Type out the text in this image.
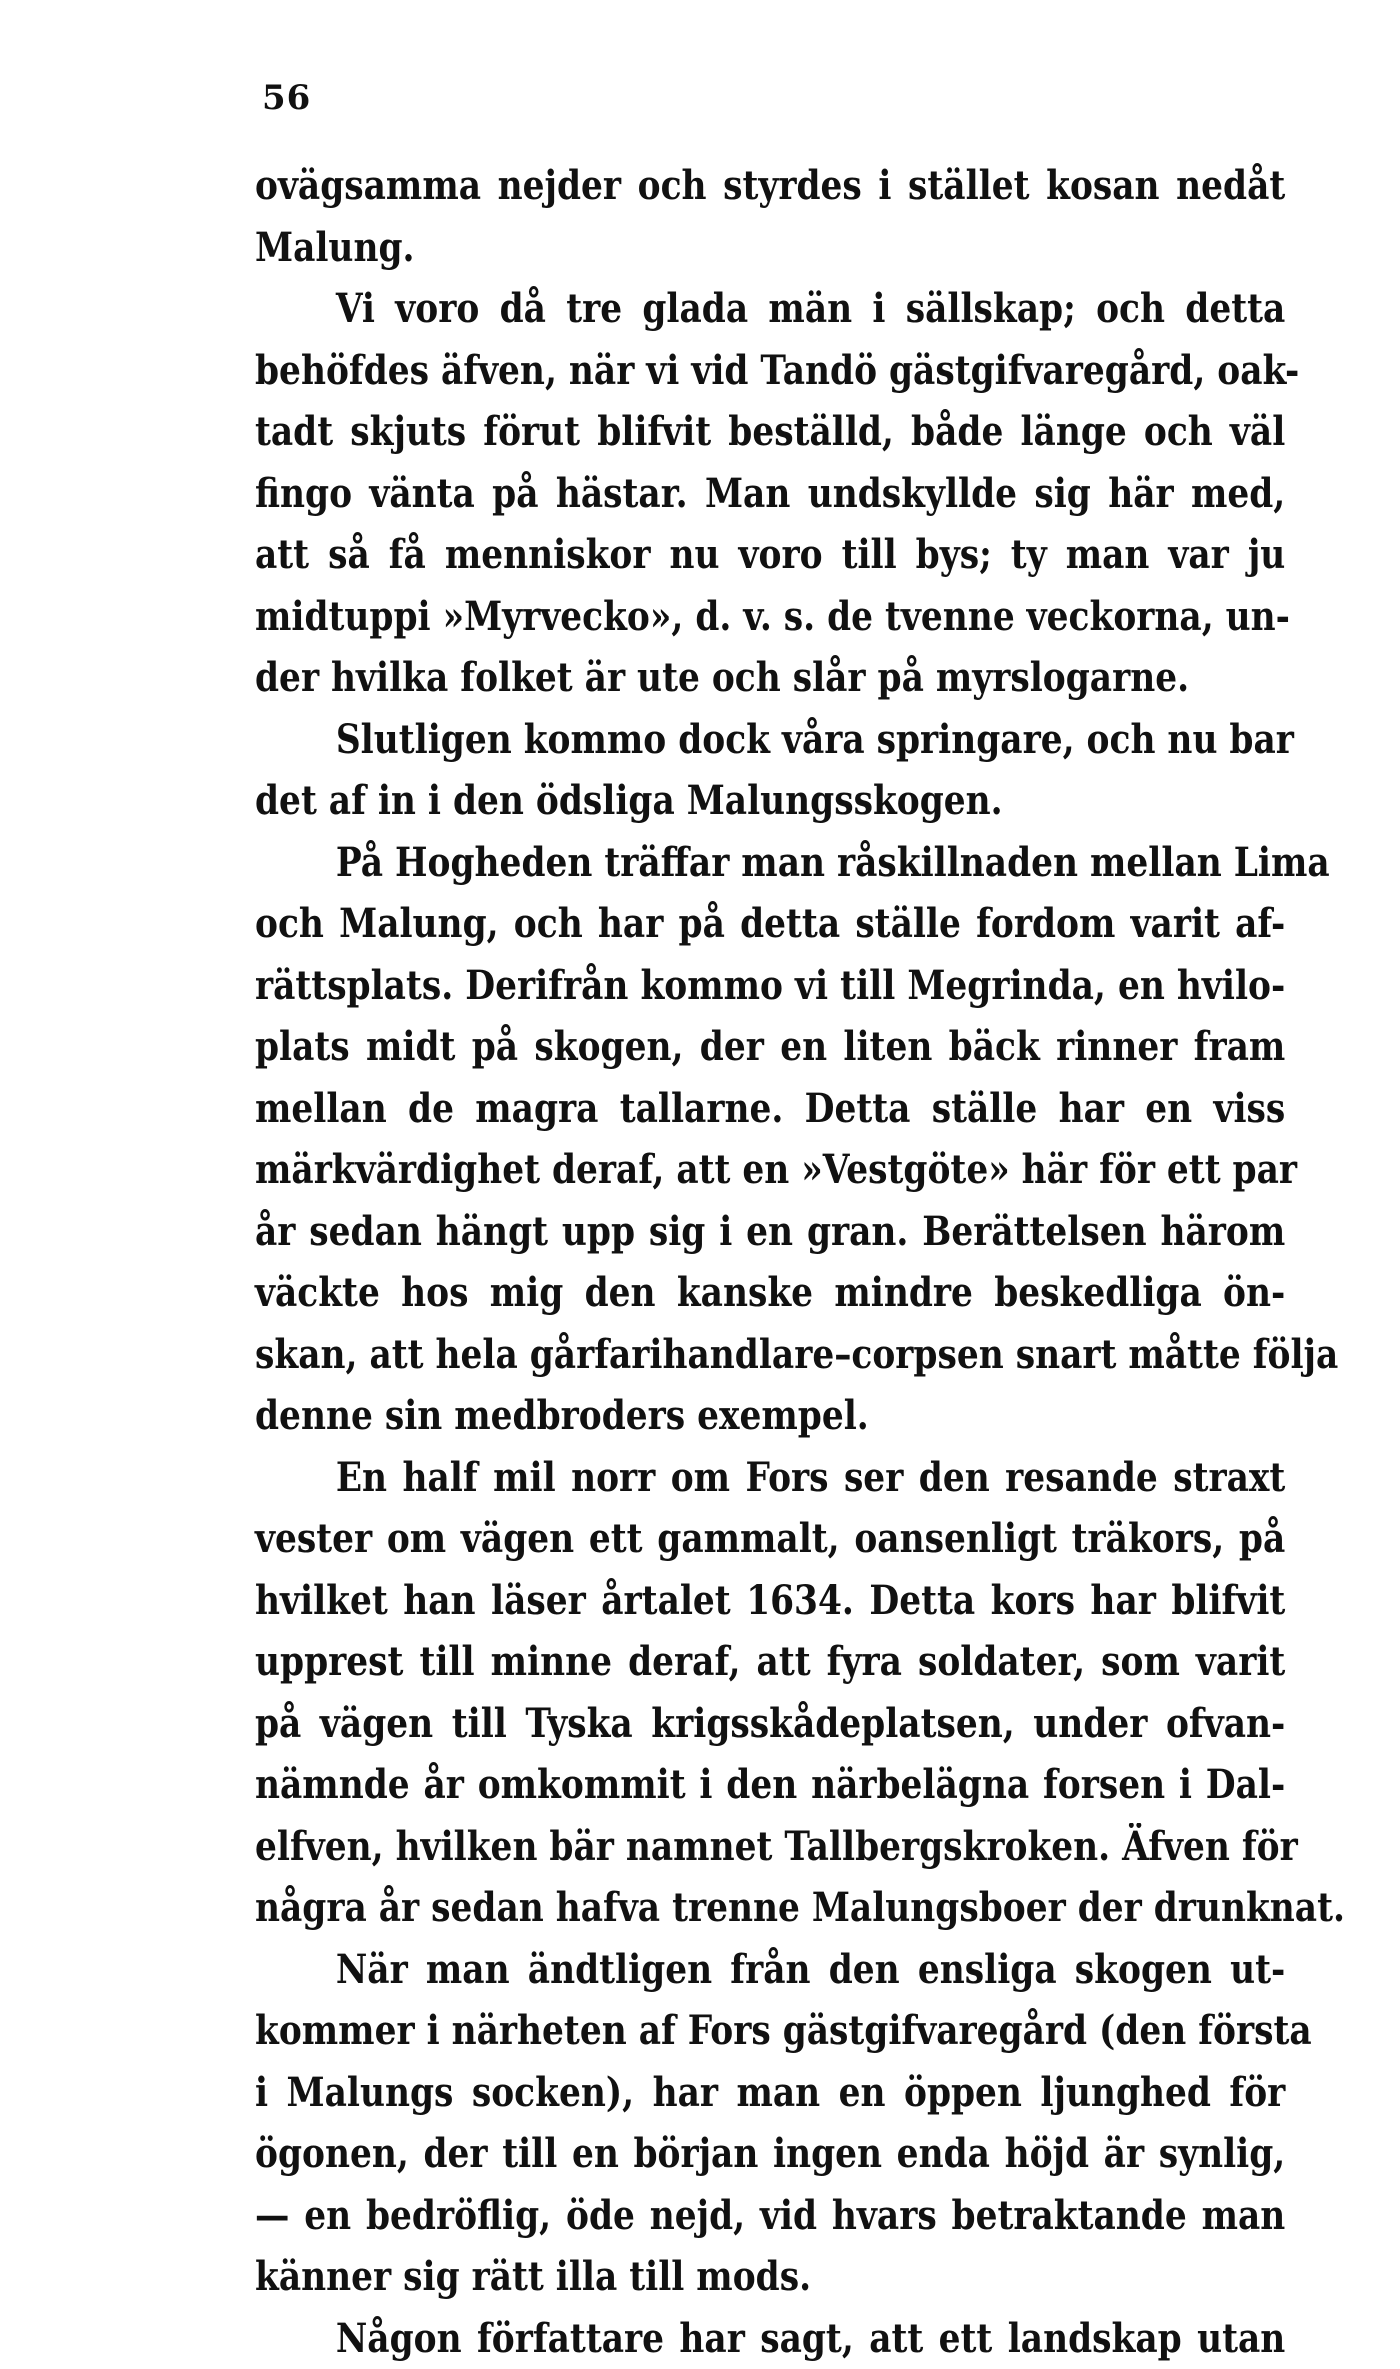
56
ovägsamma nejder och styrdes i stället kosan nedåt
Malung.
Vi voro då tre glada män i sällskap; och detta
behöfdes äfven, när vi vid Tandö gästgifvaregård, oak-
tadt skjuts förut blifvit beställd, både länge och väl
fingo vänta på hästar. Man undskyllde sig här med,
att så få menniskor nu voro till bys; ty man var ju
midtuppi »Myrvecko», d. v. s. de tvenne veckorna, un-
der hvilka folket är ute och slår på myrslogarne.
Slutligen kommo dock våra springare, och nu bar
det af in i den ödsliga Malungsskogen.
På Hogheden träffar man råskillnaden mellan Lima
och Malung, och har på detta ställe fordom varit af-
rättsplats. Derifrån kommo vi till Megrinda, en hvilo-
plats midt på skogen, der en liten bäck rinner fram
mellan de magra tallarne. Detta ställe har en viss
märkvärdighet deraf, att en »Vestgöte» här för ett par
år sedan hängt upp sig i en gran. Berättelsen härom
väckte hos mig den kanske mindre beskedliga ön-
skan, att hela gårfarihandlare–corpsen snart måtte följa
denne sin medbroders exempel.
En half mil norr om Fors ser den resande straxt
vester om vägen ett gammalt, oansenligt träkors, på
hvilket han läser årtalet 1634. Detta kors har blifvit
upprest till minne deraf, att fyra soldater, som varit
på vägen till Tyska krigsskådeplatsen, under ofvan-
nämnde år omkommit i den närbelägna forsen i Dal-
elfven, hvilken bär namnet Tallbergskroken. Äfven för
några år sedan hafva trenne Malungsboer der drunknat.
När man ändtligen från den ensliga skogen ut-
kommer i närheten af Fors gästgifvaregård (den första
i Malungs socken), har man en öppen ljunghed för
ögonen, der till en början ingen enda höjd är synlig,
— en bedröflig, öde nejd, vid hvars betraktande man
känner sig rätt illa till mods.
Någon författare har sagt, att ett landskap utan
